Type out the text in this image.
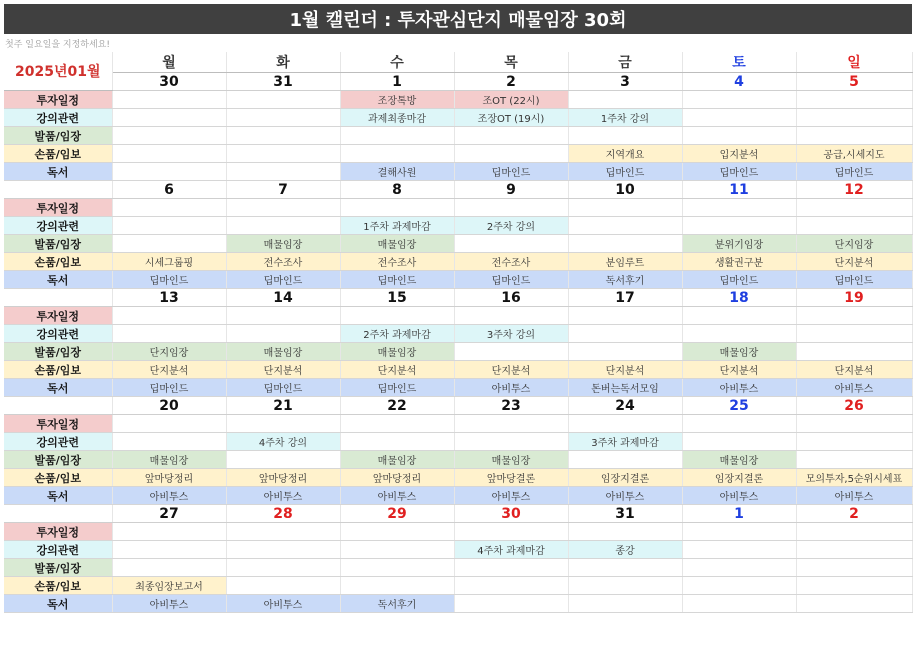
1월 캘린더 : 투자관심단지 매물임장 30회
첫주 일요일을 지정하세요!
2025년01월	월	화	수	목	금	토	일
	30	31	1	2	3	4	5
투자일정			조장톡방	조OT (22시)			
강의관련			과제최종마감	조장OT (19시)	1주차 강의		
발품/임장							
손품/임보					지역개요	입지분석	공급,시세지도
독서			결해사원	딥마인드	딥마인드	딥마인드	딥마인드
	6	7	8	9	10	11	12
투자일정							
강의관련			1주차 과제마감	2주차 강의			
발품/임장		매물임장	매물임장			분위기임장	단지임장
손품/임보	시세그룹핑	전수조사	전수조사	전수조사	분임루트	생활권구분	단지분석
독서	딥마인드	딥마인드	딥마인드	딥마인드	독서후기	딥마인드	딥마인드
	13	14	15	16	17	18	19
투자일정							
강의관련			2주차 과제마감	3주차 강의			
발품/임장	단지임장	매물임장	매물임장			매물임장	
손품/임보	단지분석	단지분석	단지분석	단지분석	단지분석	단지분석	단지분석
독서	딥마인드	딥마인드	딥마인드	아비투스	돈버는독서모임	아비투스	아비투스
	20	21	22	23	24	25	26
투자일정							
강의관련		4주차 강의			3주차 과제마감		
발품/임장	매물임장		매물임장	매물임장		매물임장	
손품/임보	앞마당정리	앞마당정리	앞마당정리	앞마당결론	임장지결론	임장지결론	모의투자,5순위시세표
독서	아비투스	아비투스	아비투스	아비투스	아비투스	아비투스	아비투스
	27	28	29	30	31	1	2
투자일정							
강의관련				4주차 과제마감	종강		
발품/임장							
손품/임보	최종임장보고서						
독서	아비투스	아비투스	독서후기				
